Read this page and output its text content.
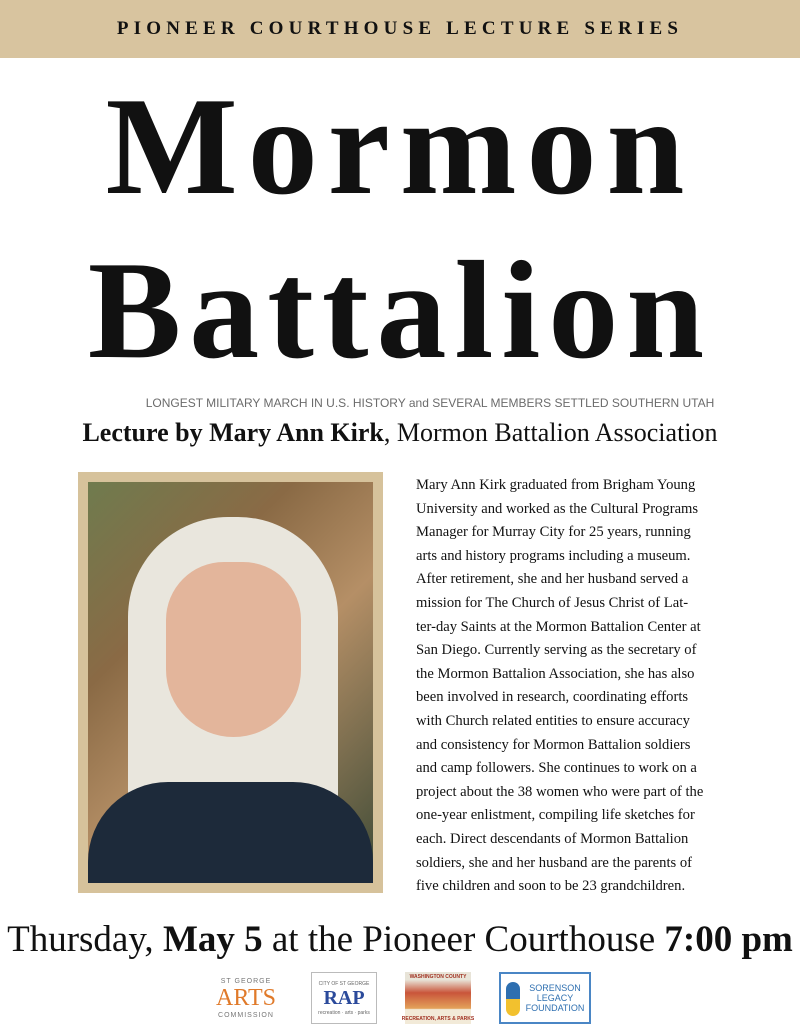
PIONEER COURTHOUSE LECTURE SERIES
Mormon
Battalion
LONGEST MILITARY MARCH IN U.S. HISTORY and SEVERAL MEMBERS SETTLED SOUTHERN UTAH
Lecture by Mary Ann Kirk, Mormon Battalion Association
Mary Ann Kirk graduated from Brigham Young
University and worked as the Cultural Programs
Manager for Murray City for 25 years, running
arts and history programs including a museum.
After retirement, she and her husband served a
mission for The Church of Jesus Christ of Lat-
ter-day Saints at the Mormon Battalion Center at
San Diego. Currently serving as the secretary of
the Mormon Battalion Association, she has also
been involved in research, coordinating efforts
with Church related entities to ensure accuracy
and consistency for Mormon Battalion soldiers
and camp followers. She continues to work on a
project about the 38 women who were part of the
one-year enlistment, compiling life sketches for
each. Direct descendants of Mormon Battalion
soldiers, she and her husband are the parents of
five children and soon to be 23 grandchildren.
Thursday, May 5 at the Pioneer Courthouse 7:00 pm
ST GEORGE
ARTS
COMMISSION
CITY OF ST GEORGE
RAP
recreation · arts · parks
WASHINGTON COUNTY
RECREATION, ARTS & PARKS
SORENSON
LEGACY
FOUNDATION
